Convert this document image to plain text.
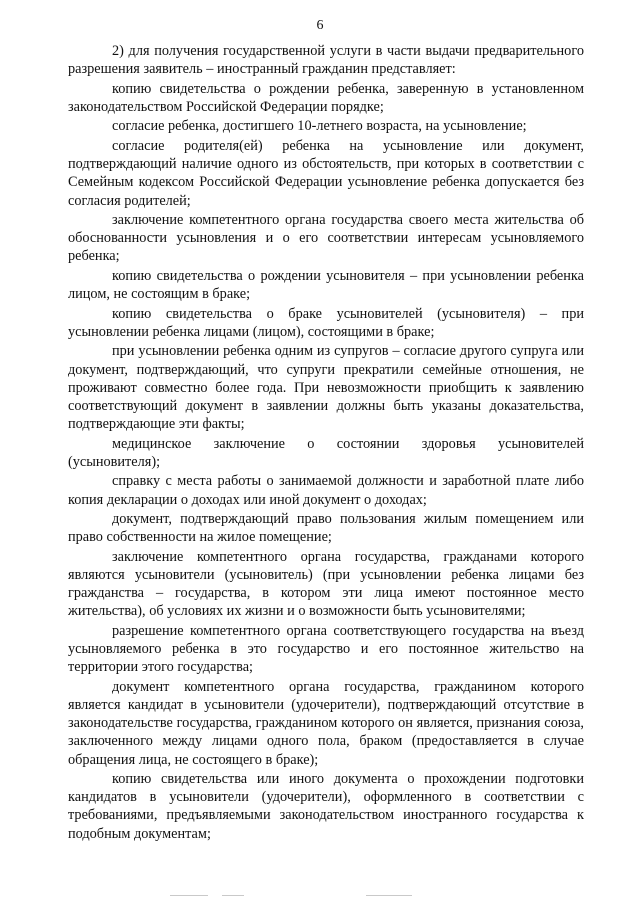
6

2) для получения государственной услуги в части выдачи предварительного разрешения заявитель – иностранный гражданин представляет:

копию свидетельства о рождении ребенка, заверенную в установленном законодательством Российской Федерации порядке;

согласие ребенка, достигшего 10-летнего возраста, на усыновление;

согласие родителя(ей) ребенка на усыновление или документ, подтверждающий наличие одного из обстоятельств, при которых в соответствии с Семейным кодексом Российской Федерации усыновление ребенка допускается без согласия родителей;

заключение компетентного органа государства своего места жительства об обоснованности усыновления и о его соответствии интересам усыновляемого ребенка;

копию свидетельства о рождении усыновителя – при усыновлении ребенка лицом, не состоящим в браке;

копию свидетельства о браке усыновителей (усыновителя) – при усыновлении ребенка лицами (лицом), состоящими в браке;

при усыновлении ребенка одним из супругов – согласие другого супруга или документ, подтверждающий, что супруги прекратили семейные отношения, не проживают совместно более года. При невозможности приобщить к заявлению соответствующий документ в заявлении должны быть указаны доказательства, подтверждающие эти факты;

медицинское заключение о состоянии здоровья усыновителей (усыновителя);

справку с места работы о занимаемой должности и заработной плате либо копия декларации о доходах или иной документ о доходах;

документ, подтверждающий право пользования жилым помещением или право собственности на жилое помещение;

заключение компетентного органа государства, гражданами которого являются усыновители (усыновитель) (при усыновлении ребенка лицами без гражданства – государства, в котором эти лица имеют постоянное место жительства), об условиях их жизни и о возможности быть усыновителями;

разрешение компетентного органа соответствующего государства на въезд усыновляемого ребенка в это государство и его постоянное жительство на территории этого государства;

документ компетентного органа государства, гражданином которого является кандидат в усыновители (удочерители), подтверждающий отсутствие в законодательстве государства, гражданином которого он является, признания союза, заключенного между лицами одного пола, браком (предоставляется в случае обращения лица, не состоящего в браке);

копию свидетельства или иного документа о прохождении подготовки кандидатов в усыновители (удочерители), оформленного в соответствии с требованиями, предъявляемыми законодательством иностранного государства к подобным документам;
